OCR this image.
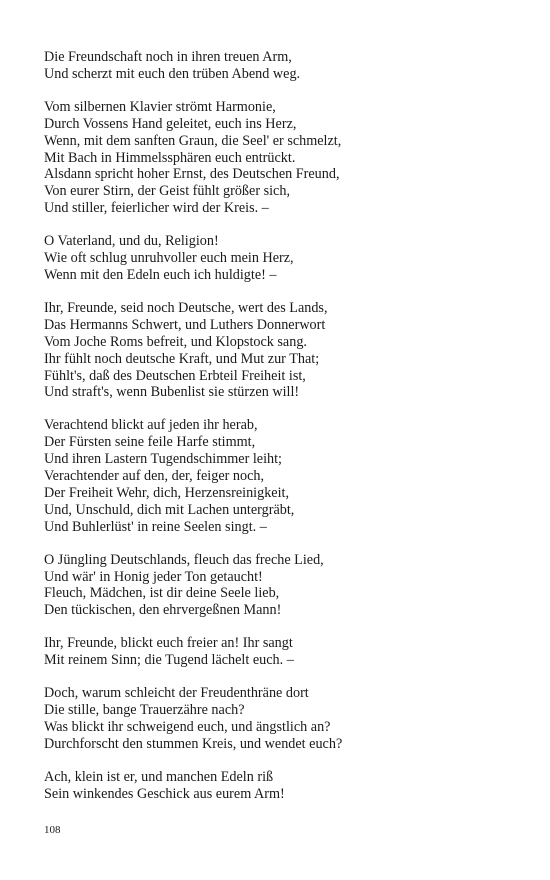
Die Freundschaft noch in ihren treuen Arm,
Und scherzt mit euch den trüben Abend weg.
Vom silbernen Klavier strömt Harmonie,
Durch Vossens Hand geleitet, euch ins Herz,
Wenn, mit dem sanften Graun, die Seel' er schmelzt,
Mit Bach in Himmelssphären euch entrückt.
Alsdann spricht hoher Ernst, des Deutschen Freund,
Von eurer Stirn, der Geist fühlt größer sich,
Und stiller, feierlicher wird der Kreis. –
O Vaterland, und du, Religion!
Wie oft schlug unruhvoller euch mein Herz,
Wenn mit den Edeln euch ich huldigte! –
Ihr, Freunde, seid noch Deutsche, wert des Lands,
Das Hermanns Schwert, und Luthers Donnerwort
Vom Joche Roms befreit, und Klopstock sang.
Ihr fühlt noch deutsche Kraft, und Mut zur That;
Fühlt's, daß des Deutschen Erbteil Freiheit ist,
Und straft's, wenn Bubenlist sie stürzen will!
Verachtend blickt auf jeden ihr herab,
Der Fürsten seine feile Harfe stimmt,
Und ihren Lastern Tugendschimmer leiht;
Verachtender auf den, der, feiger noch,
Der Freiheit Wehr, dich, Herzensreinigkeit,
Und, Unschuld, dich mit Lachen untergräbt,
Und Buhlerlüst' in reine Seelen singt. –
O Jüngling Deutschlands, fleuch das freche Lied,
Und wär' in Honig jeder Ton getaucht!
Fleuch, Mädchen, ist dir deine Seele lieb,
Den tückischen, den ehrvergeßnen Mann!
Ihr, Freunde, blickt euch freier an! Ihr sangt
Mit reinem Sinn; die Tugend lächelt euch. –
Doch, warum schleicht der Freudenthräne dort
Die stille, bange Trauerzähre nach?
Was blickt ihr schweigend euch, und ängstlich an?
Durchforscht den stummen Kreis, und wendet euch?
Ach, klein ist er, und manchen Edeln riß
Sein winkendes Geschick aus eurem Arm!
108
